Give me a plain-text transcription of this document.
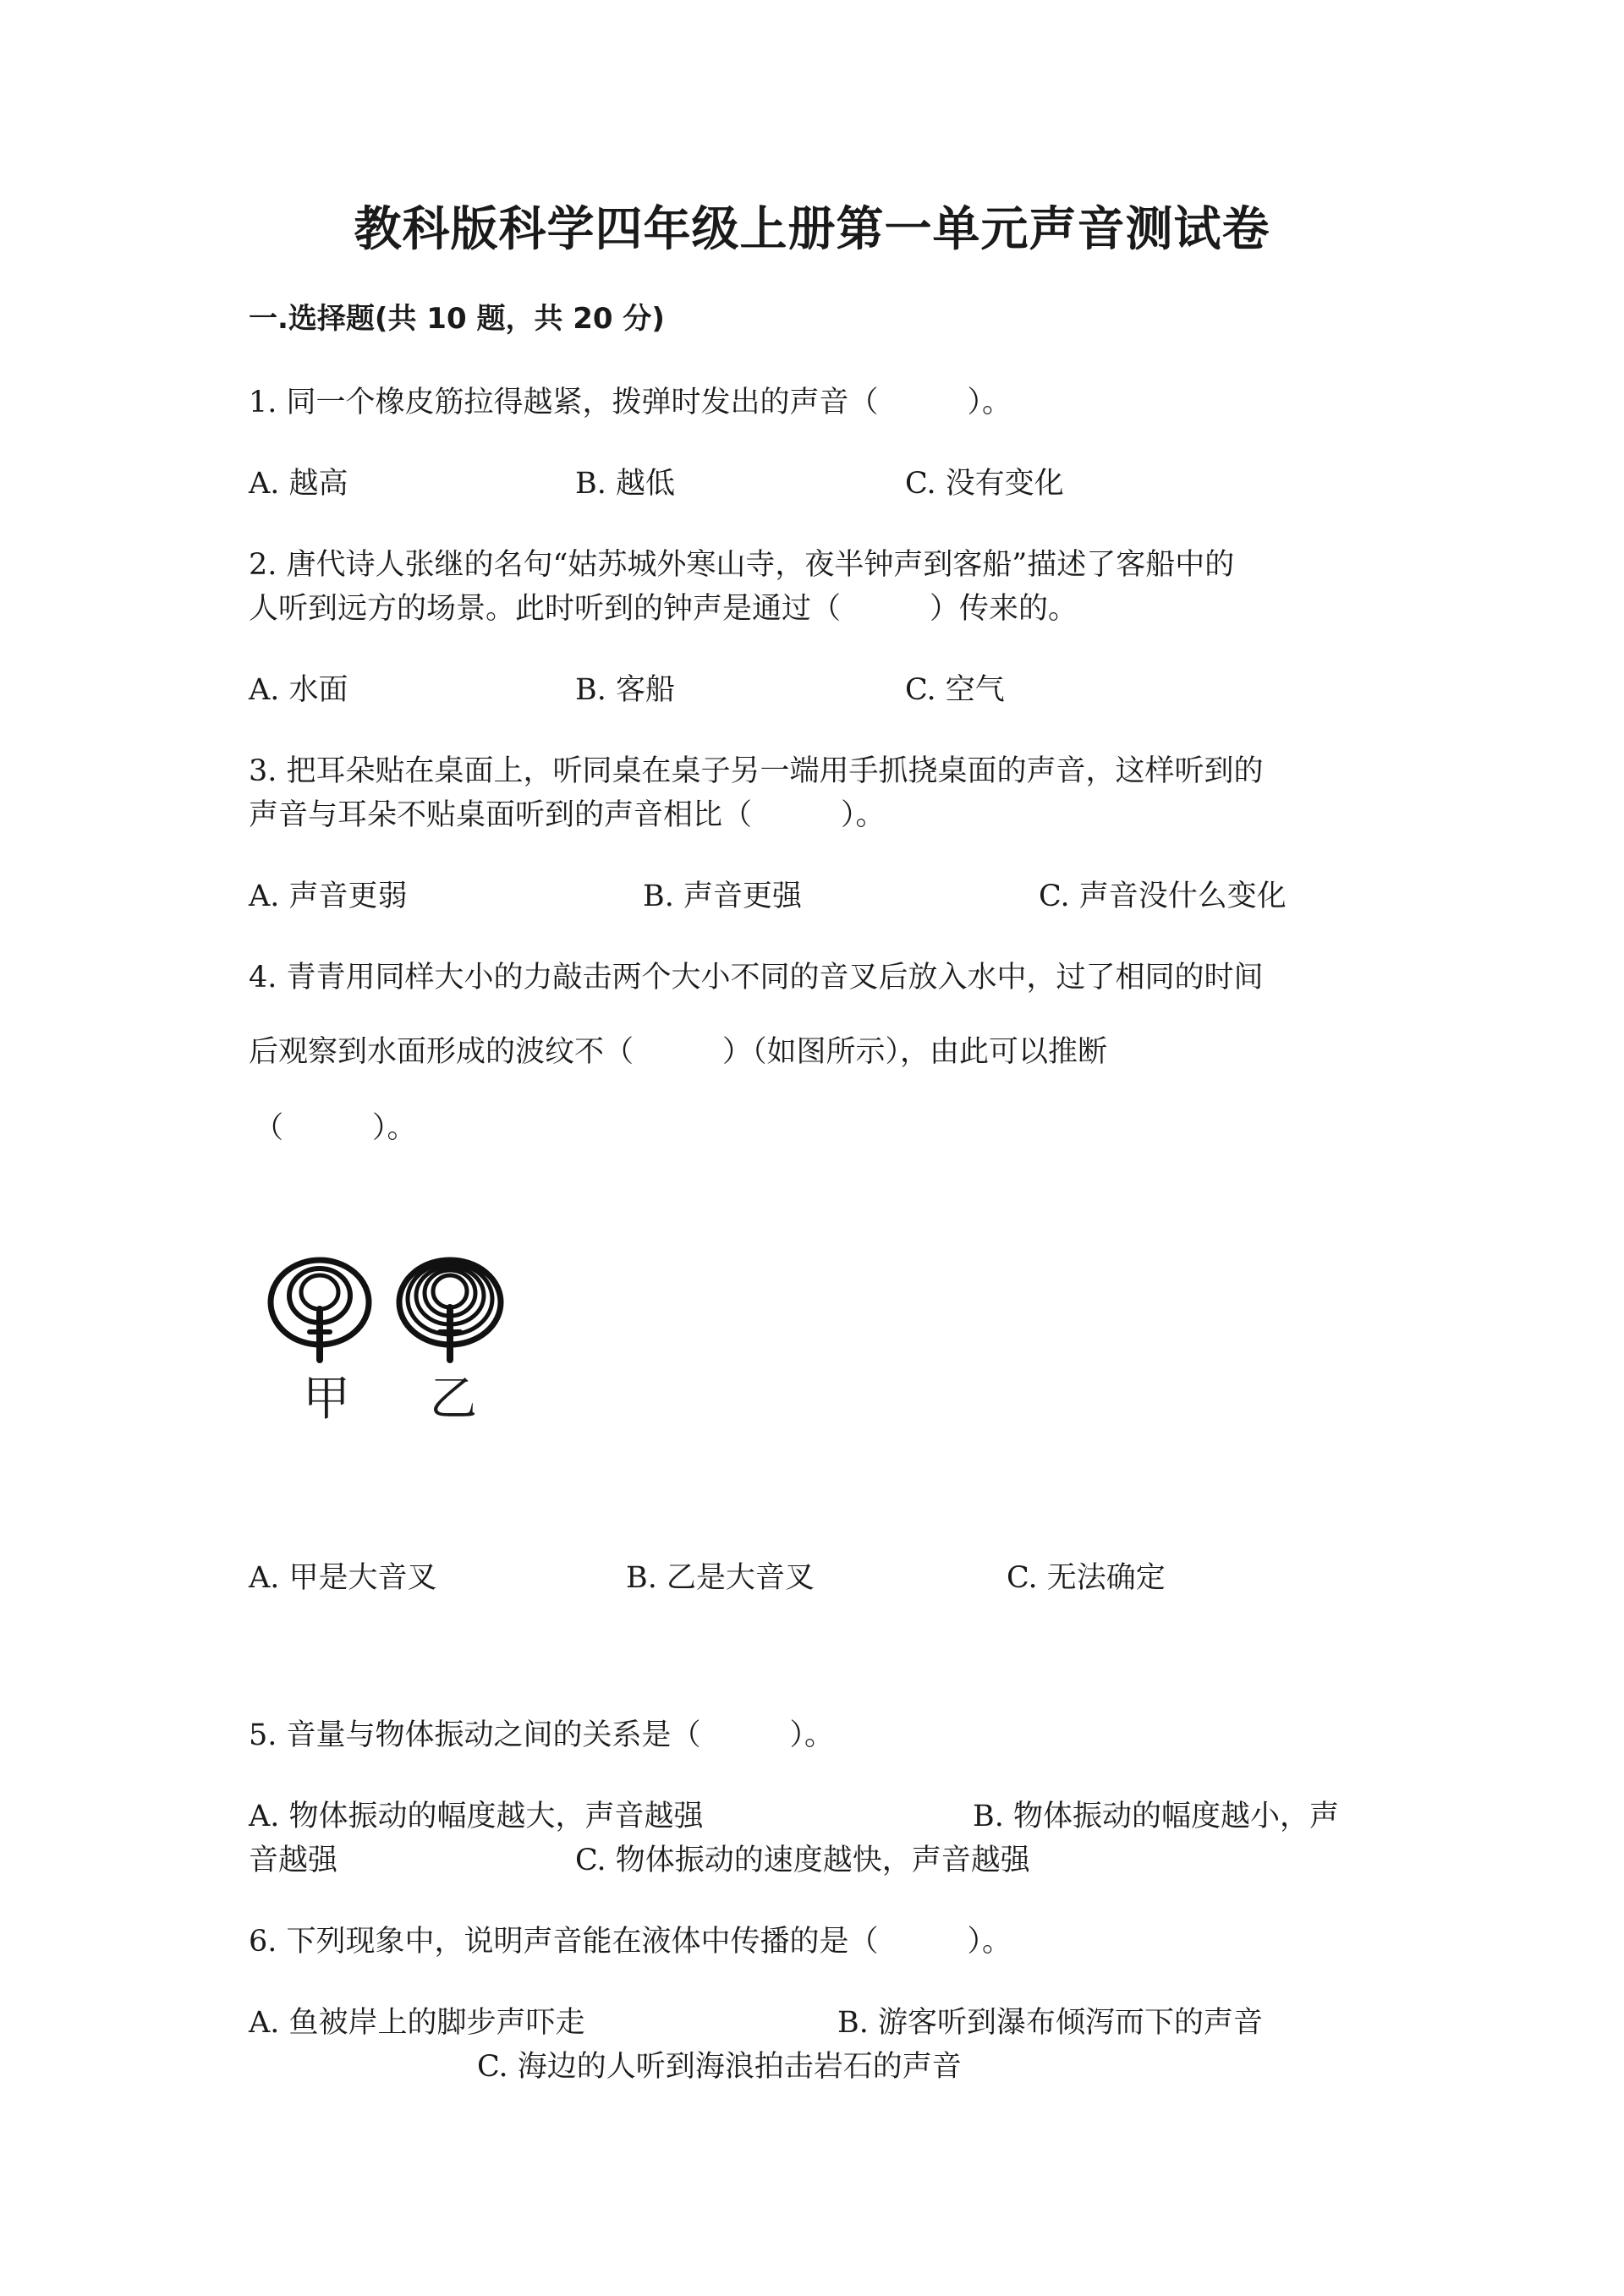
教科版科学四年级上册第一单元声音测试卷
一.选择题(共 10 题，共 20 分)
1. 同一个橡皮筋拉得越紧，拨弹时发出的声音（　　　）。
A. 越高	B. 越低	C. 没有变化
2. 唐代诗人张继的名句“姑苏城外寒山寺，夜半钟声到客船”描述了客船中的
人听到远方的场景。此时听到的钟声是通过（　　　）传来的。
A. 水面	B. 客船	C. 空气
3. 把耳朵贴在桌面上，听同桌在桌子另一端用手抓挠桌面的声音，这样听到的
声音与耳朵不贴桌面听到的声音相比（　　　）。
A. 声音更弱	B. 声音更强	C. 声音没什么变化
4. 青青用同样大小的力敲击两个大小不同的音叉后放入水中，过了相同的时间
后观察到水面形成的波纹不（　　　）（如图所示），由此可以推断
（　　　）。
甲 乙
A. 甲是大音叉	B. 乙是大音叉	C. 无法确定
5. 音量与物体振动之间的关系是（　　　）。
A. 物体振动的幅度越大，声音越强	B. 物体振动的幅度越小，声
音越强	C. 物体振动的速度越快，声音越强
6. 下列现象中，说明声音能在液体中传播的是（　　　）。
A. 鱼被岸上的脚步声吓走	B. 游客听到瀑布倾泻而下的声音
C. 海边的人听到海浪拍击岩石的声音
